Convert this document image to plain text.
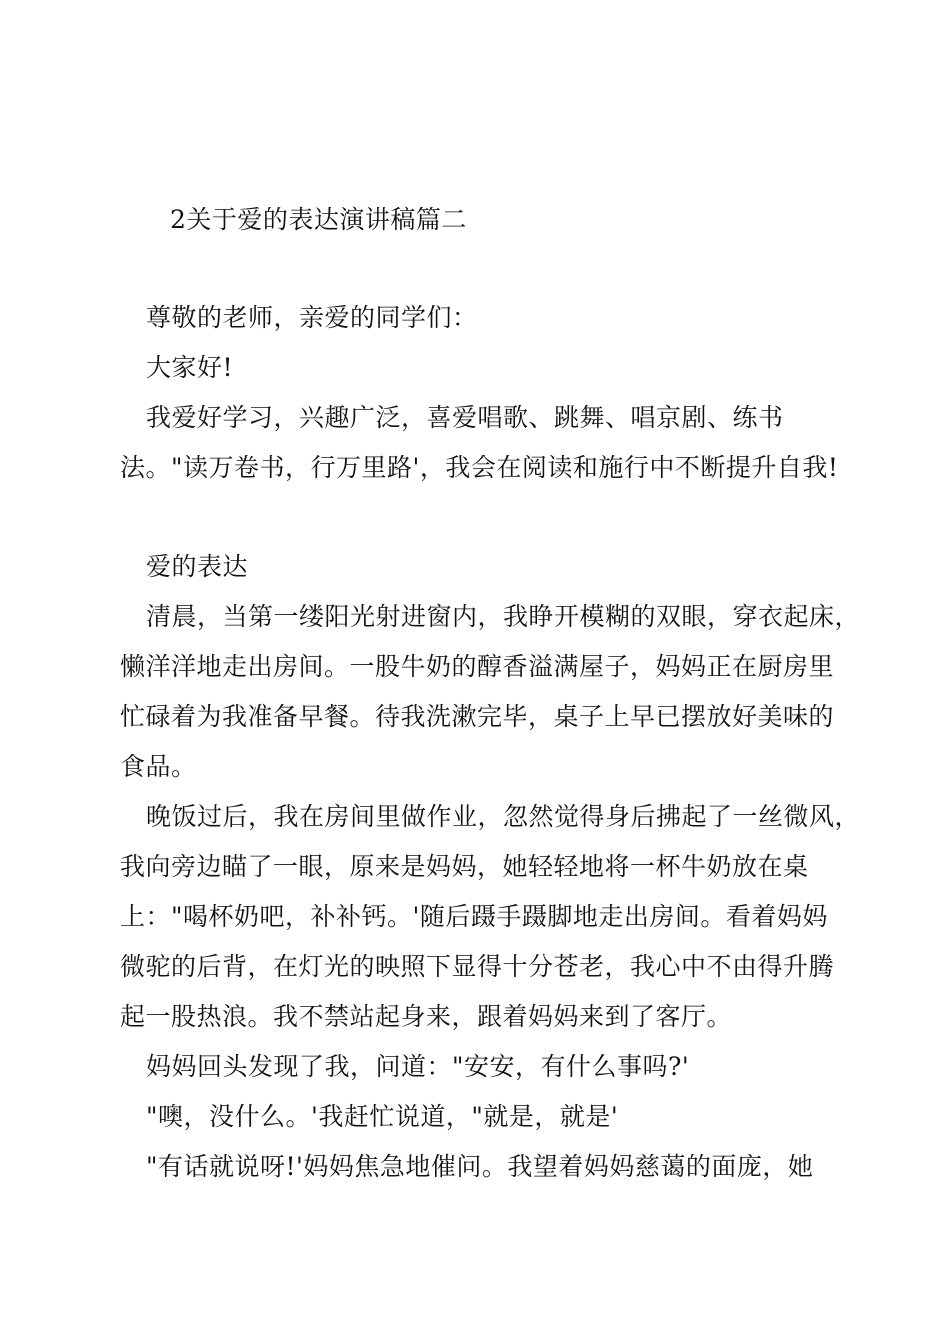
2关于爱的表达演讲稿篇二
尊敬的老师，亲爱的同学们：
大家好!
我爱好学习，兴趣广泛，喜爱唱歌、跳舞、唱京剧、练书
法。"读万卷书，行万里路'，我会在阅读和施行中不断提升自我!
爱的表达
清晨，当第一缕阳光射进窗内，我睁开模糊的双眼，穿衣起床，
懒洋洋地走出房间。一股牛奶的醇香溢满屋子，妈妈正在厨房里
忙碌着为我准备早餐。待我洗漱完毕，桌子上早已摆放好美味的
食品。
晚饭过后，我在房间里做作业，忽然觉得身后拂起了一丝微风，
我向旁边瞄了一眼，原来是妈妈，她轻轻地将一杯牛奶放在桌
上："喝杯奶吧，补补钙。'随后蹑手蹑脚地走出房间。看着妈妈
微驼的后背，在灯光的映照下显得十分苍老，我心中不由得升腾
起一股热浪。我不禁站起身来，跟着妈妈来到了客厅。
妈妈回头发现了我，问道："安安，有什么事吗?'
"噢，没什么。'我赶忙说道，"就是，就是'
"有话就说呀!'妈妈焦急地催问。我望着妈妈慈蔼的面庞，她
